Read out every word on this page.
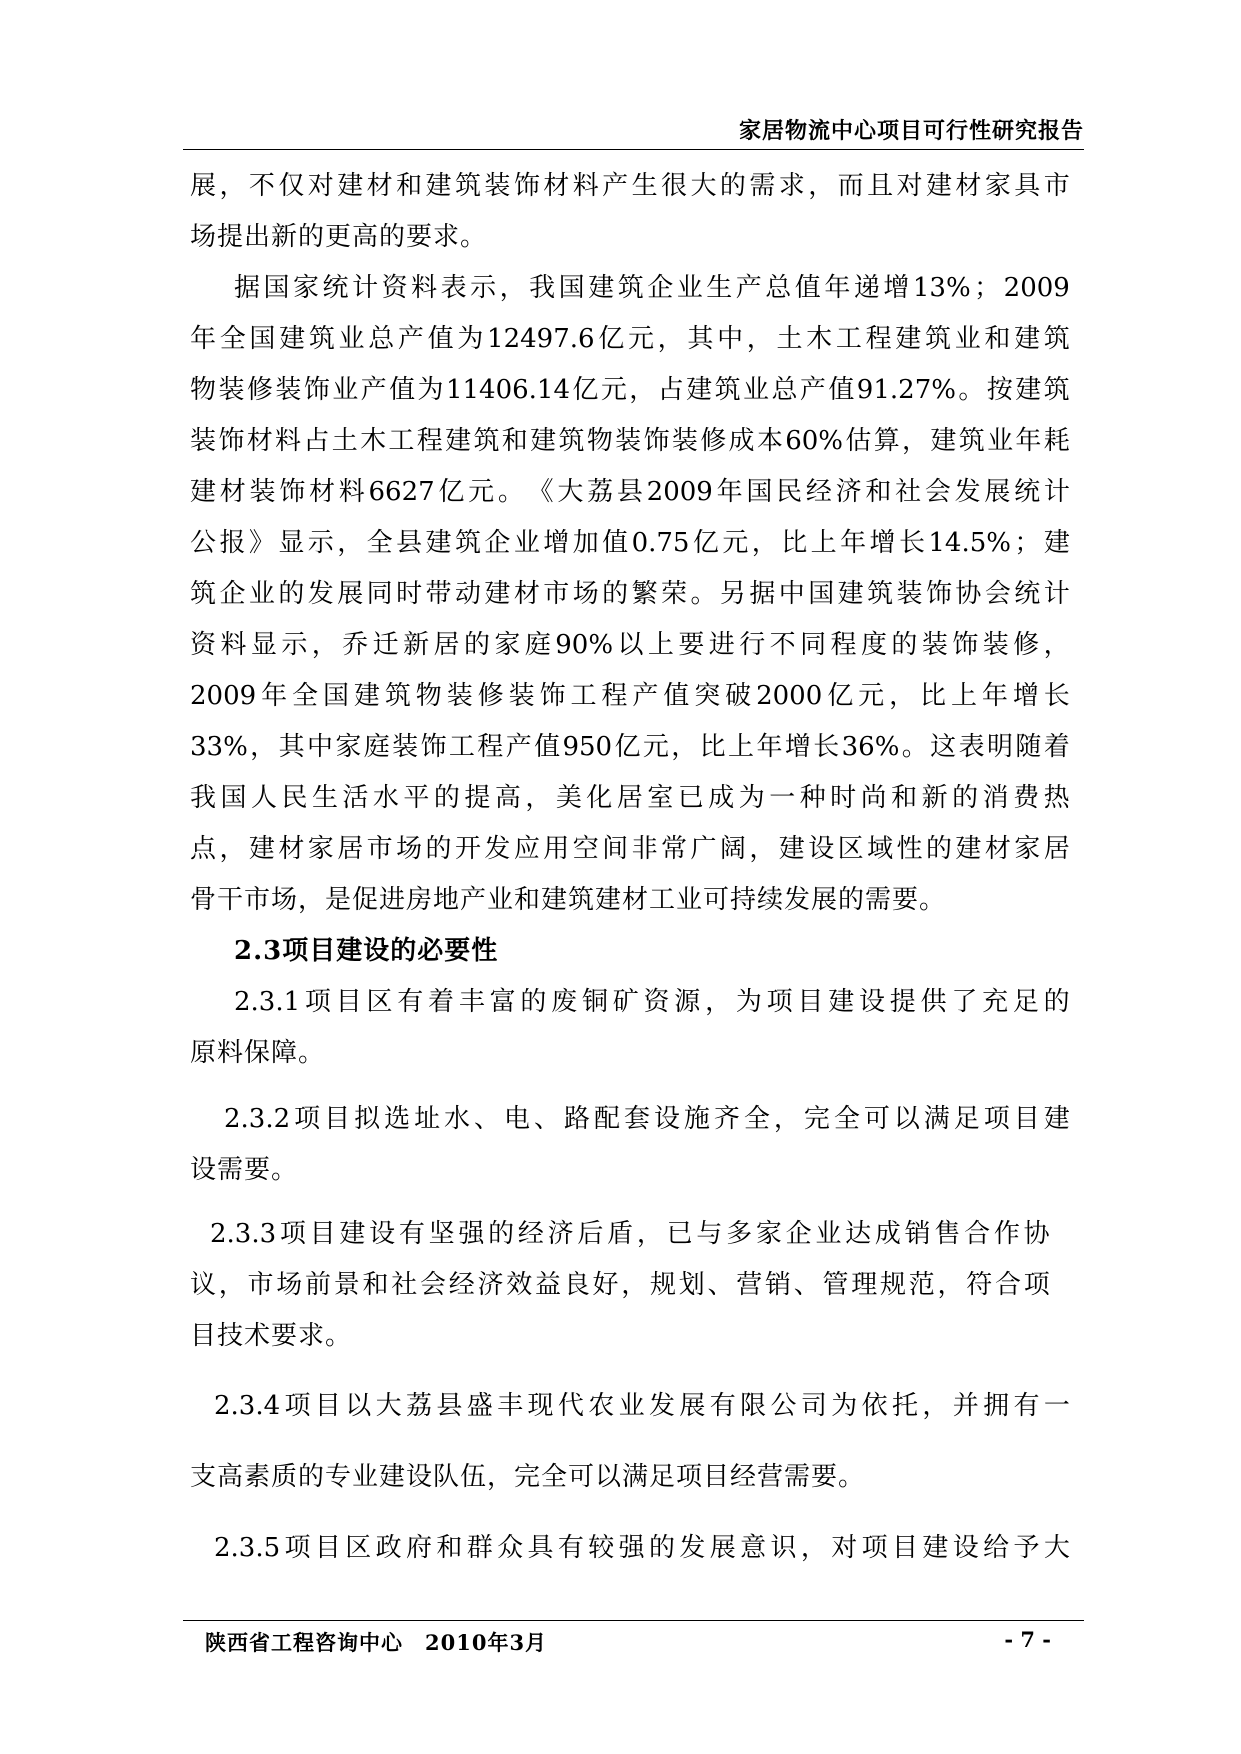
家居物流中心项目可行性研究报告
展 ， 不 仅 对 建 材 和 建 筑 装 饰 材 料 产 生 很 大 的 需 求 ， 而 且 对 建 材 家 具 市
场提出新的更高的要求。
据 国 家 统 计 资 料 表 示 ， 我 国 建 筑 企 业 生 产 总 值 年 递 增 13% ； 2009
年 全 国 建 筑 业 总 产 值 为 12497.6 亿 元 ， 其 中 ， 土 木 工 程 建 筑 业 和 建 筑
物 装 修 装 饰 业 产 值 为 11406.14 亿 元 ， 占 建 筑 业 总 产 值 91.27% 。 按 建 筑
装 饰 材 料 占 土 木 工 程 建 筑 和 建 筑 物 装 饰 装 修 成 本 60% 估 算 ， 建 筑 业 年 耗
建 材 装 饰 材 料 6627 亿 元 。 《 大 荔 县 2009 年 国 民 经 济 和 社 会 发 展 统 计
公 报 》 显 示 ， 全 县 建 筑 企 业 增 加 值 0.75 亿 元 ， 比 上 年 增 长 14.5% ； 建
筑 企 业 的 发 展 同 时 带 动 建 材 市 场 的 繁 荣 。 另 据 中 国 建 筑 装 饰 协 会 统 计
资 料 显 示 ， 乔 迁 新 居 的 家 庭 90% 以 上 要 进 行 不 同 程 度 的 装 饰 装 修 ，
2009 年 全 国 建 筑 物 装 修 装 饰 工 程 产 值 突 破 2000 亿 元 ， 比 上 年 增 长
33% ， 其 中 家 庭 装 饰 工 程 产 值 950 亿 元 ， 比 上 年 增 长 36% 。 这 表 明 随 着
我 国 人 民 生 活 水 平 的 提 高 ， 美 化 居 室 已 成 为 一 种 时 尚 和 新 的 消 费 热
点 ， 建 材 家 居 市 场 的 开 发 应 用 空 间 非 常 广 阔 ， 建 设 区 域 性 的 建 材 家 居
骨干市场，是促进房地产业和建筑建材工业可持续发展的需要。
2.3项目建设的必要性
2.3.1 项 目 区 有 着 丰 富 的 废 铜 矿 资 源 ， 为 项 目 建 设 提 供 了 充 足 的
原料保障。
2.3.2 项 目 拟 选 址 水 、 电 、 路 配 套 设 施 齐 全 ， 完 全 可 以 满 足 项 目 建
设需要。
2.3.3 项 目 建 设 有 坚 强 的 经 济 后 盾 ， 已 与 多 家 企 业 达 成 销 售 合 作 协
议 ， 市 场 前 景 和 社 会 经 济 效 益 良 好 ， 规 划 、 营 销 、 管 理 规 范 ， 符 合 项
目技术要求。
2.3.4 项 目 以 大 荔 县 盛 丰 现 代 农 业 发 展 有 限 公 司 为 依 托 ， 并 拥 有 一
支高素质的专业建设队伍，完全可以满足项目经营需要。
2.3.5 项 目 区 政 府 和 群 众 具 有 较 强 的 发 展 意 识 ， 对 项 目 建 设 给 予 大
陕西省工程咨询中心　2010年3月	- 7 -
